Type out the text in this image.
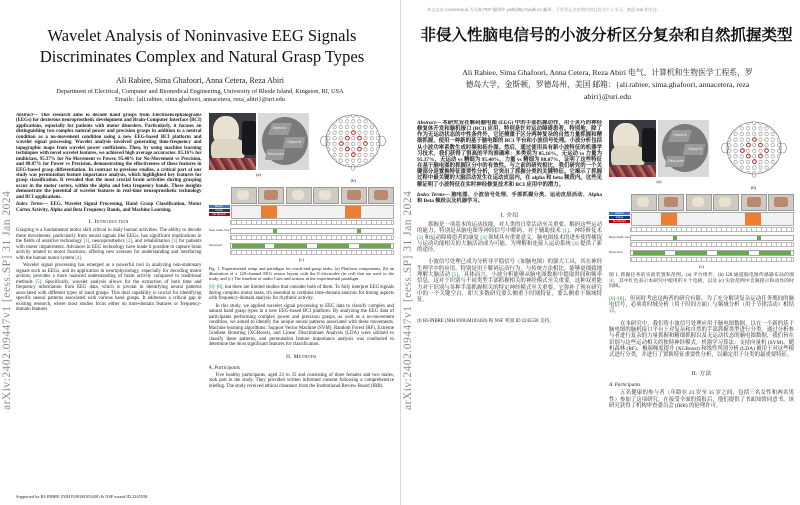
arXiv:2402.09447v1 [eess.SP] 31 Jan 2024
Wavelet Analysis of Noninvasive EEG Signals
Discriminates Complex and Natural Grasp Types
Ali Rabiee, Sima Ghafoori, Anna Cetera, Reza Abiri
Department of Electrical, Computer and Biomedical Engineering, University of Rhode Island, Kingston, RI, USA
Emails: {ali.rabiee, sima.ghafoori, annacetera, reza_abiri}@uri.edu
Abstract— This research aims to decode hand grasps from Electroencephalograms (EEGs) for dexterous neuroprosthetic development and Brain-Computer Interface (BCI) applications, especially for patients with motor disorders. Particularly, it focuses on distinguishing two complex natural power and precision grasps in addition to a neutral condition as a no-movement condition using a new EEG-based BCI platform and wavelet signal processing. Wavelet analysis involved generating time-frequency and topographic maps from wavelet power coefficients. Then, by using machine learning techniques with novel wavelet features, we achieved high average accuracies: 85.16% for multiclass, 95.37% for No-Movement vs Power, 95.40% for No-Movement vs Precision, and 88.07% for Power vs Precision, demonstrating the effectiveness of these features in EEG-based grasp differentiation. In contrast to previous studies, a critical part of our study was permutation feature importance analysis, which highlighted key features for grasp classification. It revealed that the most crucial brain activities during grasping occur in the motor cortex, within the alpha and beta frequency bands. These insights demonstrate the potential of wavelet features in real-time neuroprosthetic technology and BCI applications.
Index Terms— EEG, Wavelet Signal Processing, Hand Grasp Classification, Motor Cortex Activity, Alpha and Beta Frequency Bands, and Machine Learning.
I. Introduction

Grasping is a fundamental motor skill critical to daily human activities. The ability to decode these movements, particularly from neural signals like EEGs, has significant implications in the fields of assistive technology [1], neuroprosthetics [2], and rehabilitation [3] for patients with motor impairments. Advances in EEG technology have made it possible to capture brain activity related to motor functions, offering new avenues for understanding and interfacing with the human motor system [4].

Wavelet signal processing has emerged as a powerful tool in analyzing non-stationary signals such as EEGs, and its application in neurophysiology, especially for decoding motor actions, provides a more nuanced understanding of brain activity compared to traditional methods [5]. Specifically, wavelet analysis allows for the extraction of both time and frequency information from EEG data, which is pivotal in identifying neural patterns associated with different types of hand grasps. This dual capability is crucial for identifying specific neural patterns associated with various hand grasps. It addresses a critical gap in existing research, where most studies focus either on time-domain features or frequency-domain features

Supported by RI-INBRE (NIH P20GM103430) & NSF award ID 2245558.
Object A
Object B
Rest point
(a)
(b)
Reach
Grasp
No Mvmnt
Beep Audio Cue
Movement
(c)
Fig. 1. Experimental setup and paradigm for reach-and-grasp tasks. (a) Platform components, (b) an illustration of a 128-channel EEG sensor layout with the 8 electrodes (in red) that are used in the study, and (c) The timeline of audio Cues and actions in the experimental paradigm.

[6]–[8], but there are limited studies that consider both of them. To fully interpret EEG signals during complex motor tasks, it's essential to combine time-domain analysis for timing aspects with frequency-domain analysis for rhythmic activity.

In this study, we applied wavelet signal processing to EEG data to classify complex and natural hand grasp types in a new EEG-based BCI platform. By analyzing the EEG data of participants performing complex power and precision grasps, as well as a no-movement condition, we aimed to identify the unique neural patterns associated with these movements. Machine learning algorithms; Support Vector Machine (SVM), Random Forest (RF), Extreme Gradient Boosting (XGBoost), and Linear Discriminant Analysis (LDA) were utilized to classify these patterns, and permutation feature importance analysis was conducted to determine the most significant features for classification.

II. Methods
A. Participants

Five healthy participants, aged 23 to 35 and consisting of three females and two males, took part in the study. They provided written informed consent following a comprehensive briefing. The study received ethical clearance from the Institutional Review Board (IRB).	arXiv:2402.09447v1 [eess.SP] 31 Jan 2024
本文以站 Accessory.ai 为开源 PDF 翻译库 yadk(http://yadk.io) 翻译，不会更正点对照内容且仅为个人学习，欢迎 star 和关注。
非侵入性脑电信号的小波分析区分复杂和自然抓握类型
Ali Rabiee, Sima Ghafoori, Anna Cetera, Reza Abiri 电气、计算机和生物医学工程系，罗德岛大学，金斯顿，罗德岛州，美国 邮箱：{ali.rabiee, sima.ghafoori, annacetera, reza abiri}@uri.edu
Abstract— 本研究旨在解码脑电图 (EEG) 中的手部抓握动作，用于灵巧的神经修复体开发和脑机接口 (BCI) 应用，特别是针对运动障碍患者。特别地，除了作为无运动状态的中性条件外，它还侧重于区分两种复杂的自然力量抓握和精细抓握，使用一种新的基于脑电图的 BCI 平台和小波信号处理。小波分析包括从小波功率系数生成时频和拓扑图。然后，通过使用具有新小波特征的机器学习技术，我们获得了很高的平均准确率：多类别为 85.16%，无运动 vs 力量为 95.37%，无运动 vs 精细为 95.40%，力量 vs 精细为 88.07%，证明了这些特征在基于脑电图的抓握区分中的有效性。与之前的研究相比，我们研究的一个关键部分是置换特征重要性分析，它突出了抓握分类的关键特征。它揭示了抓握过程中最关键的大脑活动发生在运动皮层内，在 alpha 和 beta 频段内。这些见解证明了小波特征在实时神经修复技术和 BCI 应用中的潜力。
Index Terms— 脑电图、小波信号处理、手部抓握分类、运动皮层活动、Alpha 和 Beta 频段以及机器学习。
I. 介绍

抓握是一项基本的运动技能，对人类的日常活动至关重要。解码这些运动的能力，特别是从脑电图等神经信号中解码，对于辅助技术 [1]、神经修复术 [2] 和运动障碍患者的康复 [3] 领域具有重要意义。脑电图技术的进步使得捕捉与运动功能相关的大脑活动成为可能，为理解和连接人运动系统 [4] 提供了新的途径。

小波信号处理已成为分析非平稳信号（如脑电图）的强大工具，其在神经生理学中的应用，特别是用于解码运动行为，与传统方法相比，能够更细致地理解大脑活动 [5]。具体而言，小波分析能够从脑电图数据中提取时间和频率信息，这对于识别与不同类型手部抓握相关的神经模式至关重要。这种双重能力对于识别与各种手部抓握相关的特定神经模式至关重要。它弥补了现有研究中的一个关键空白，即大多数研究要么侧重于时域特征，要么侧重于频域特征。

由 RI-INBRE (NIH P20GM103430) 和 NSF 奖项 ID 2245558 支持。
Object A
Object B
Rest point
(a)
(b)
Reach
Grasp
No Mvmnt
Beep Audio Cue
Movement
(c)
图 1. 抓握任务的实验装置和范例。(a) 平台组件，(b) 128 通道脑电图传感器布局的图示，其中红色表示本研究中使用的 8 个电极，以及 (c) 实验范例中音频提示和动作的时间线。

[6]–[8]，但同时考虑这两者的研究有限。为了充分解读复杂运动任务期间的脑电信号，必须将时域分析（用于时间方面）与频域分析（用于节律活动）相结合。

在本研究中，我们将小波信号处理应用于脑电图数据，以在一个新的基于脑电图的脑机接口平台上对复杂和自然的手部抓握类型进行分类。通过分析参与者进行复杂的力量抓握和精细抓握以及无运动状态的脑电图数据，我们旨在识别与这些运动相关的独特神经模式。机器学习算法：支持向量机 (SVM)、随机森林 (RF)、极端梯度提升 (XGBoost) 和线性判别分析 (LDA) 被用于对这些模式进行分类，并进行了置换特征重要性分析，以确定用于分类的最重要特征。

II. 方法
A. Participants

五名健康的参与者（年龄在 23 岁至 35 岁之间，包括三名女性和两名男性）参加了这项研究。在接受全面的简报后，他们提供了书面知情同意书。该研究获得了机构审查委员会 (IRB) 的伦理许可。
